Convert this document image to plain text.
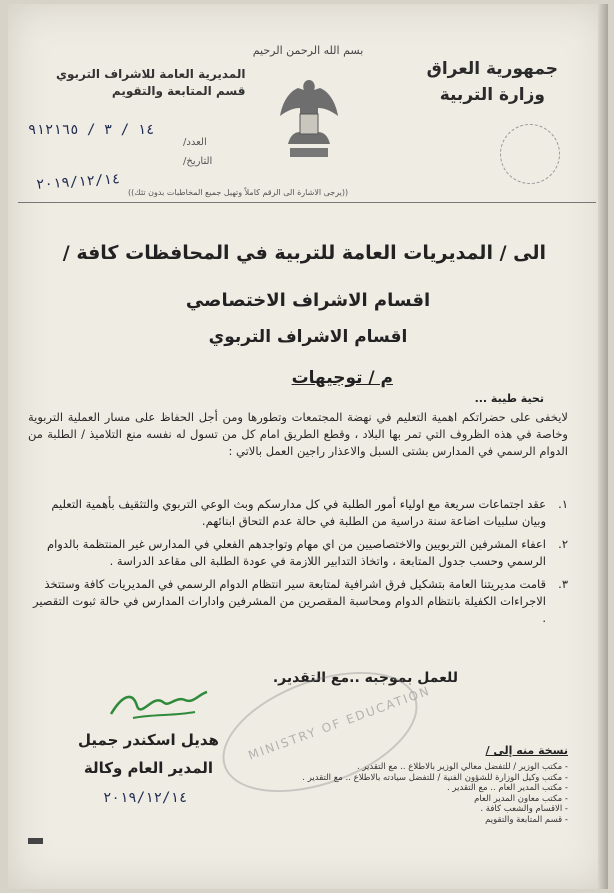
بسم الله الرحمن الرحيم
جمهورية العراق
وزارة التربية
المديرية العامة للاشراف التربوي
قسم المتابعة والتقويم
١٤ / ٣ / ٩١٢١٦٥
العدد/
التاريخ/
٢٠١٩/١٢/١٤ ((يرجى الاشارة الى الرقم كاملاً وتهيل جميع المخاطبات بدون تثك))
الى / المديريات العامة للتربية في المحافظات كافة /
اقسام الاشراف الاختصاصي
اقسام الاشراف التربوي
م / توجيهات
تحية طيبة ...
لايخفى على حضراتكم اهمية التعليم في نهضة المجتمعات وتطورها ومن أجل الحفاظ على مسار العملية التربوية وخاصة في هذه الظروف التي تمر بها البلاد ، وقطع الطريق امام كل من تسول له نفسه منع التلاميذ / الطلبة من الدوام الرسمي في المدارس بشتى السبل والاعذار راجين العمل بالاتي :
١.
عقد اجتماعات سريعة مع اولياء أمور الطلبة في كل مدارسكم وبث الوعي التربوي والتثقيف بأهمية التعليم وبيان سلبيات اضاعة سنة دراسية من الطلبة في حالة عدم التحاق ابنائهم.
٢.
اعفاء المشرفين التربويين والاختصاصيين من اي مهام وتواجدهم الفعلي في المدارس غير المنتظمة بالدوام الرسمي وحسب جدول المتابعة ، واتخاذ التدابير اللازمة في عودة الطلبة الى مقاعد الدراسة .
٣.
قامت مديريتنا العامة بتشكيل فرق اشرافية لمتابعة سير انتظام الدوام الرسمي في المديريات كافة وستتخذ الاجراءات الكفيلة بانتظام الدوام ومحاسبة المقصرين من المشرفين وادارات المدارس في حالة ثبوت التقصير .
للعمل بموجبه ..مع التقدير.
MINISTRY OF EDUCATION
هديل اسكندر جميل
المدير العام وكالة
٢٠١٩/١٢/١٤
نسخة منه إلى /
- مكتب الوزير / للتفضل معالي الوزير بالاطلاع .. مع التقدير .
- مكتب وكيل الوزارة للشؤون الفنية / للتفضل سيادته بالاطلاع .. مع التقدير .
- مكتب المدير العام .. مع التقدير .
- مكتب معاون المدير العام
- الاقسام والشعب كافة .
- قسم المتابعة والتقويم
